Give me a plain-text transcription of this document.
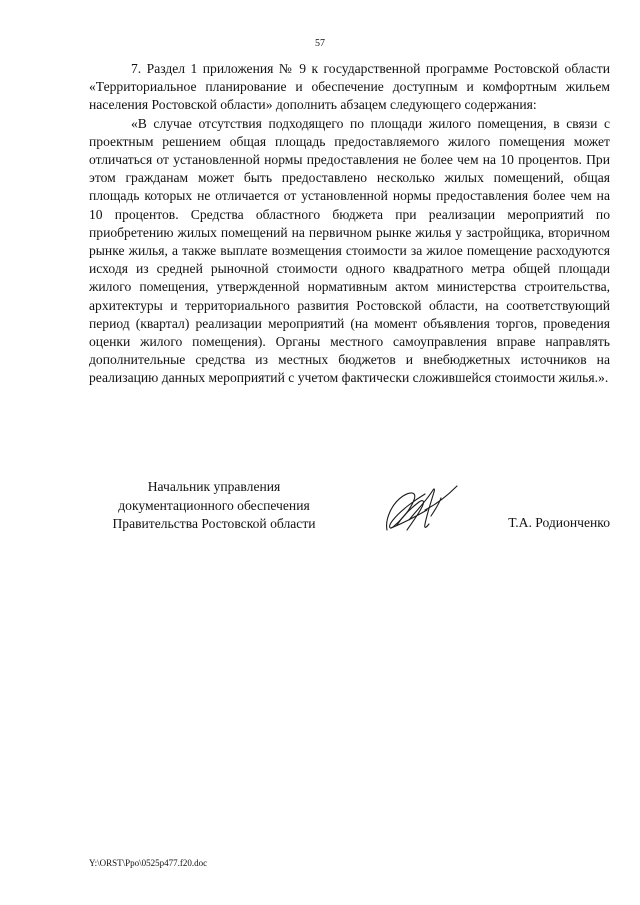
57

7. Раздел 1 приложения № 9 к государственной программе Ростовской области «Территориальное планирование и обеспечение доступным и комфортным жильем населения Ростовской области» дополнить абзацем следующего содержания:

«В случае отсутствия подходящего по площади жилого помещения, в связи с проектным решением общая площадь предоставляемого жилого помещения может отличаться от установленной нормы предоставления не более чем на 10 процентов. При этом гражданам может быть предоставлено несколько жилых помещений, общая площадь которых не отличается от установленной нормы предоставления более чем на 10 процентов. Средства областного бюджета при реализации мероприятий по приобретению жилых помещений на первичном рынке жилья у застройщика, вторичном рынке жилья, а также выплате возмещения стоимости за жилое помещение расходуются исходя из средней рыночной стоимости одного квадратного метра общей площади жилого помещения, утвержденной нормативным актом министерства строительства, архитектуры и территориального развития Ростовской области, на соответствующий период (квартал) реализации мероприятий (на момент объявления торгов, проведения оценки жилого помещения). Органы местного самоуправления вправе направлять дополнительные средства из местных бюджетов и внебюджетных источников на реализацию данных мероприятий с учетом фактически сложившейся стоимости жилья.».

Начальник управления
документационного обеспечения
Правительства Ростовской области	Т.А. Родионченко
Y:\ORST\Ppo\0525p477.f20.doc
